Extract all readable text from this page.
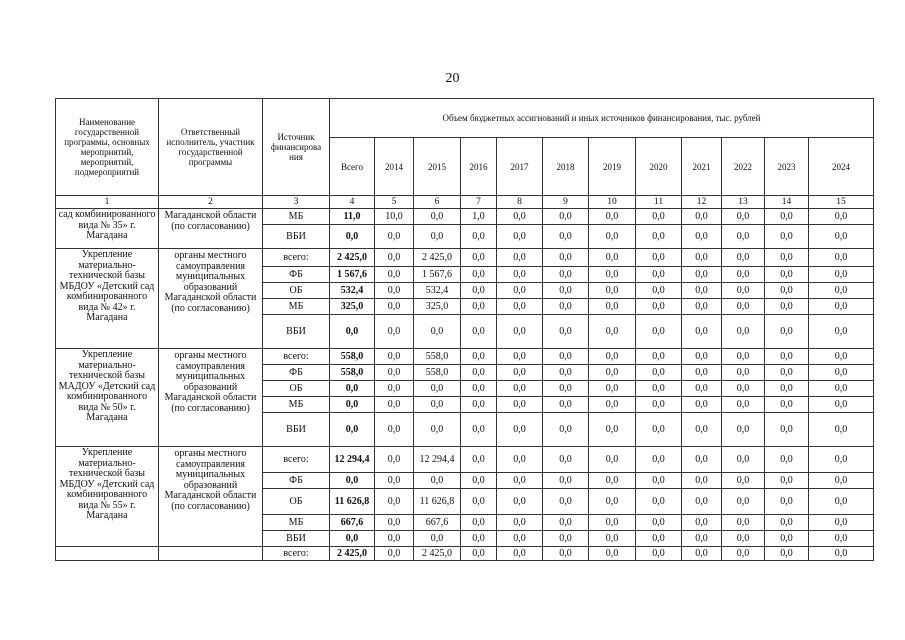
20
Наименование государственной программы, основных мероприятий, мероприятий, подмероприятий	Ответственный исполнитель, участник государственной программы	Источник финансирова ния	Объем бюджетных ассигнований и иных источников финансирования, тыс. рублей											
			Всего	2014	2015	2016	2017	2018	2019	2020	2021	2022	2023	2024
1	2	3	4	5	6	7	8	9	10	11	12	13	14	15
сад комбинированного вида № 35» г. Магадана	Магаданской области (по согласованию)	МБ	11,0	10,0	0,0	1,0	0,0	0,0	0,0	0,0	0,0	0,0	0,0	0,0
		ВБИ	0,0	0,0	0,0	0,0	0,0	0,0	0,0	0,0	0,0	0,0	0,0	0,0
Укрепление материально-технической базы МБДОУ «Детский сад комбинированного вида № 42» г. Магадана	органы местного самоуправления муниципальных образований Магаданской области (по согласованию)	всего:	2 425,0	0,0	2 425,0	0,0	0,0	0,0	0,0	0,0	0,0	0,0	0,0	0,0
		ФБ	1 567,6	0,0	1 567,6	0,0	0,0	0,0	0,0	0,0	0,0	0,0	0,0	0,0
		ОБ	532,4	0,0	532,4	0,0	0,0	0,0	0,0	0,0	0,0	0,0	0,0	0,0
		МБ	325,0	0,0	325,0	0,0	0,0	0,0	0,0	0,0	0,0	0,0	0,0	0,0
		ВБИ	0,0	0,0	0,0	0,0	0,0	0,0	0,0	0,0	0,0	0,0	0,0	0,0
Укрепление материально-технической базы МАДОУ «Детский сад комбинированного вида № 50» г. Магадана	органы местного самоуправления муниципальных образований Магаданской области (по согласованию)	всего:	558,0	0,0	558,0	0,0	0,0	0,0	0,0	0,0	0,0	0,0	0,0	0,0
		ФБ	558,0	0,0	558,0	0,0	0,0	0,0	0,0	0,0	0,0	0,0	0,0	0,0
		ОБ	0,0	0,0	0,0	0,0	0,0	0,0	0,0	0,0	0,0	0,0	0,0	0,0
		МБ	0,0	0,0	0,0	0,0	0,0	0,0	0,0	0,0	0,0	0,0	0,0	0,0
		ВБИ	0,0	0,0	0,0	0,0	0,0	0,0	0,0	0,0	0,0	0,0	0,0	0,0
Укрепление материально-технической базы МБДОУ «Детский сад комбинированного вида № 55» г. Магадана	органы местного самоуправления муниципальных образований Магаданской области (по согласованию)	всего:	12 294,4	0,0	12 294,4	0,0	0,0	0,0	0,0	0,0	0,0	0,0	0,0	0,0
		ФБ	0,0	0,0	0,0	0,0	0,0	0,0	0,0	0,0	0,0	0,0	0,0	0,0
		ОБ	11 626,8	0,0	11 626,8	0,0	0,0	0,0	0,0	0,0	0,0	0,0	0,0	0,0
		МБ	667,6	0,0	667,6	0,0	0,0	0,0	0,0	0,0	0,0	0,0	0,0	0,0
		ВБИ	0,0	0,0	0,0	0,0	0,0	0,0	0,0	0,0	0,0	0,0	0,0	0,0
		всего:	2 425,0	0,0	2 425,0	0,0	0,0	0,0	0,0	0,0	0,0	0,0	0,0	0,0
